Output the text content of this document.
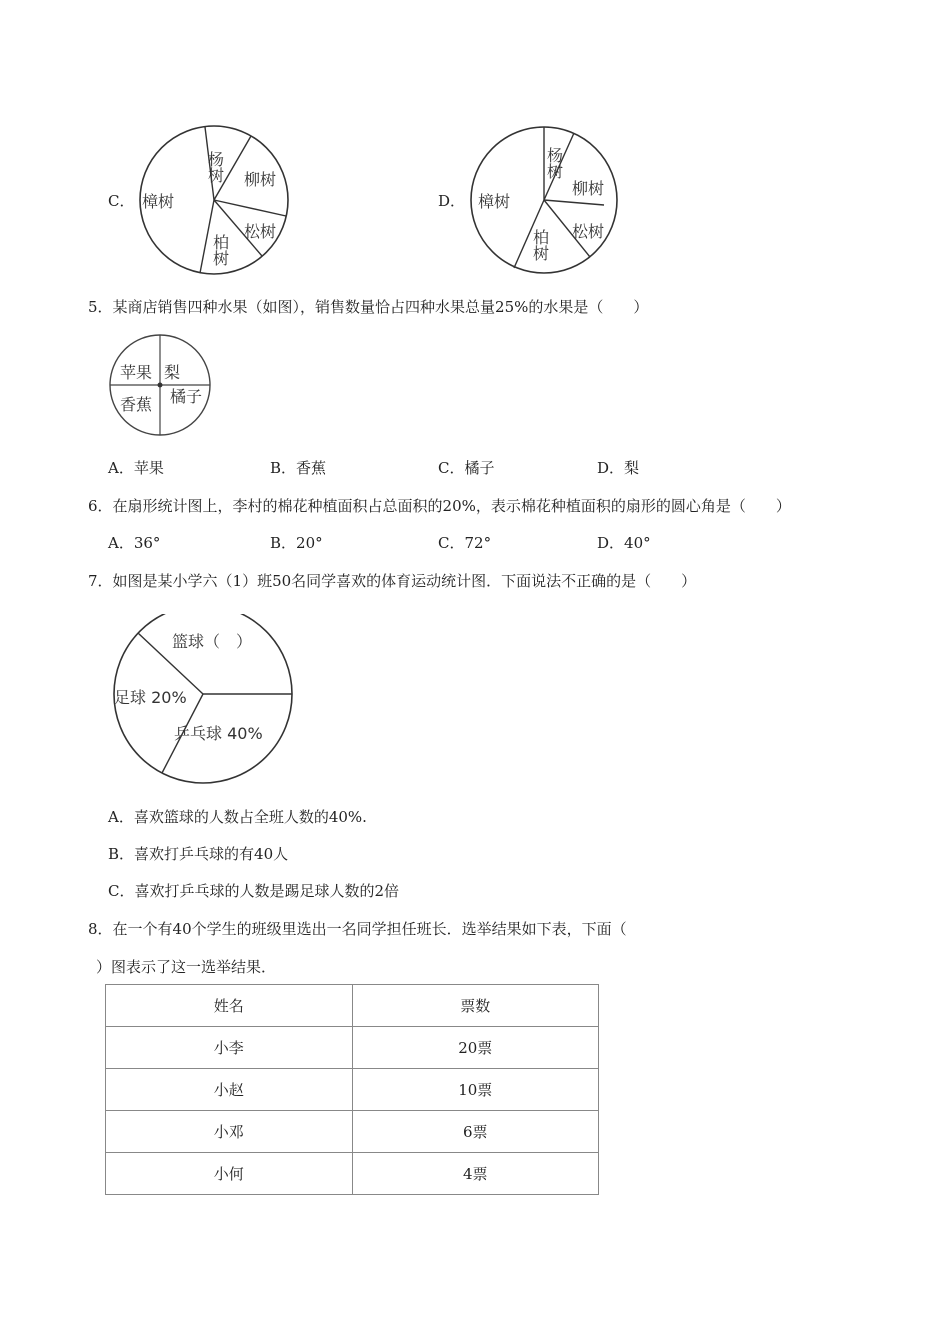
C．
杨树 柳树
樟树
松树
柏树
D．
杨树
柳树
樟树
松树
柏树
5．某商店销售四种水果（如图），销售数量恰占四种水果总量25%的水果是（　　）
苹果 梨
香蕉 橘子
A．苹果	B．香蕉	C．橘子	D．梨
6．在扇形统计图上，李村的棉花种植面积占总面积的20%，表示棉花种植面积的扇形的圆心角是（　　）
A．36°	B．20°	C．72°	D．40°
7．如图是某小学六（1）班50名同学喜欢的体育运动统计图．下面说法不正确的是（　　）
篮球（　）
足球 20%
乒乓球 40%
A．喜欢篮球的人数占全班人数的40%.
B．喜欢打乒乓球的有40人
C．喜欢打乒乓球的人数是踢足球人数的2倍
8．在一个有40个学生的班级里选出一名同学担任班长．选举结果如下表，下面（
）图表示了这一选举结果．
姓名	票数
小李	20票
小赵	10票
小邓	6票
小何	4票
